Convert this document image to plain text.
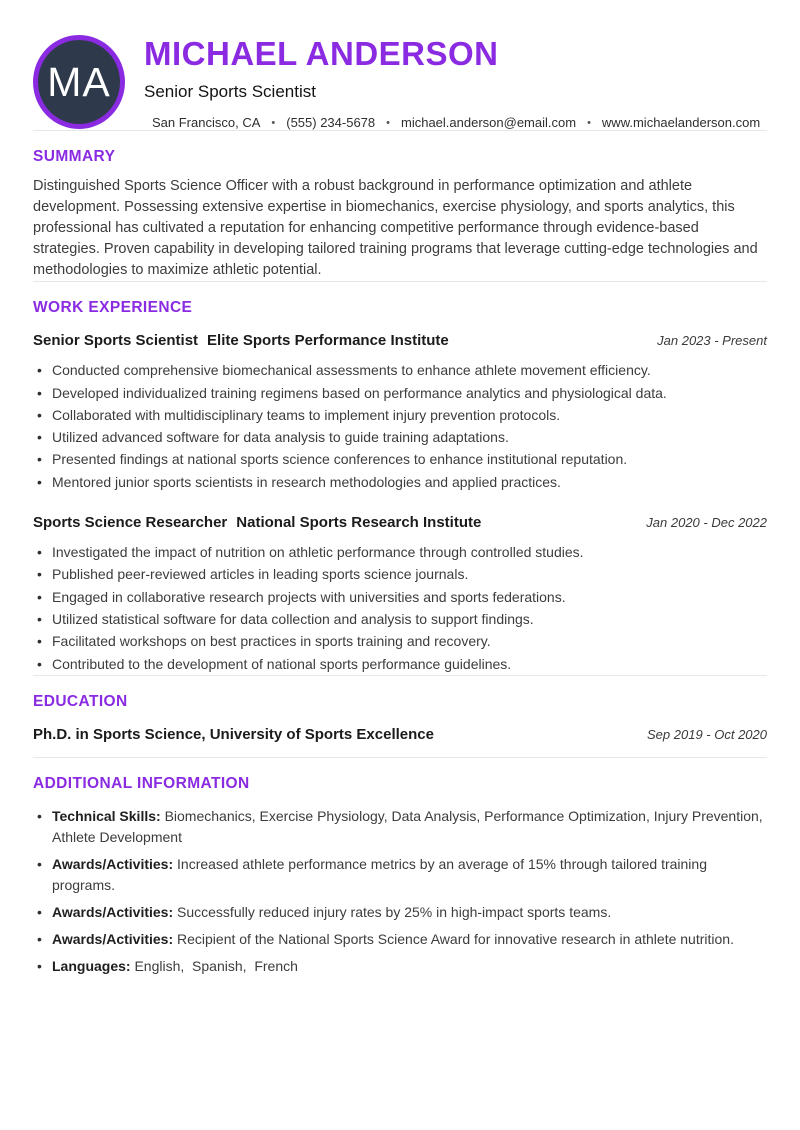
MA
MICHAEL ANDERSON
Senior Sports Scientist
San Francisco, CA • (555) 234-5678 • michael.anderson@email.com • www.michaelanderson.com
SUMMARY
Distinguished Sports Science Officer with a robust background in performance optimization and athlete development. Possessing extensive expertise in biomechanics, exercise physiology, and sports analytics, this professional has cultivated a reputation for enhancing competitive performance through evidence-based strategies. Proven capability in developing tailored training programs that leverage cutting-edge technologies and methodologies to maximize athletic potential.
WORK EXPERIENCE
Senior Sports Scientist Elite Sports Performance Institute	Jan 2023 - Present
• Conducted comprehensive biomechanical assessments to enhance athlete movement efficiency.
• Developed individualized training regimens based on performance analytics and physiological data.
• Collaborated with multidisciplinary teams to implement injury prevention protocols.
• Utilized advanced software for data analysis to guide training adaptations.
• Presented findings at national sports science conferences to enhance institutional reputation.
• Mentored junior sports scientists in research methodologies and applied practices.
Sports Science Researcher National Sports Research Institute	Jan 2020 - Dec 2022
• Investigated the impact of nutrition on athletic performance through controlled studies.
• Published peer-reviewed articles in leading sports science journals.
• Engaged in collaborative research projects with universities and sports federations.
• Utilized statistical software for data collection and analysis to support findings.
• Facilitated workshops on best practices in sports training and recovery.
• Contributed to the development of national sports performance guidelines.
EDUCATION
Ph.D. in Sports Science, University of Sports Excellence	Sep 2019 - Oct 2020
ADDITIONAL INFORMATION
• Technical Skills: Biomechanics, Exercise Physiology, Data Analysis, Performance Optimization, Injury Prevention, Athlete Development
• Awards/Activities: Increased athlete performance metrics by an average of 15% through tailored training programs.
• Awards/Activities: Successfully reduced injury rates by 25% in high-impact sports teams.
• Awards/Activities: Recipient of the National Sports Science Award for innovative research in athlete nutrition.
• Languages: English,  Spanish,  French
